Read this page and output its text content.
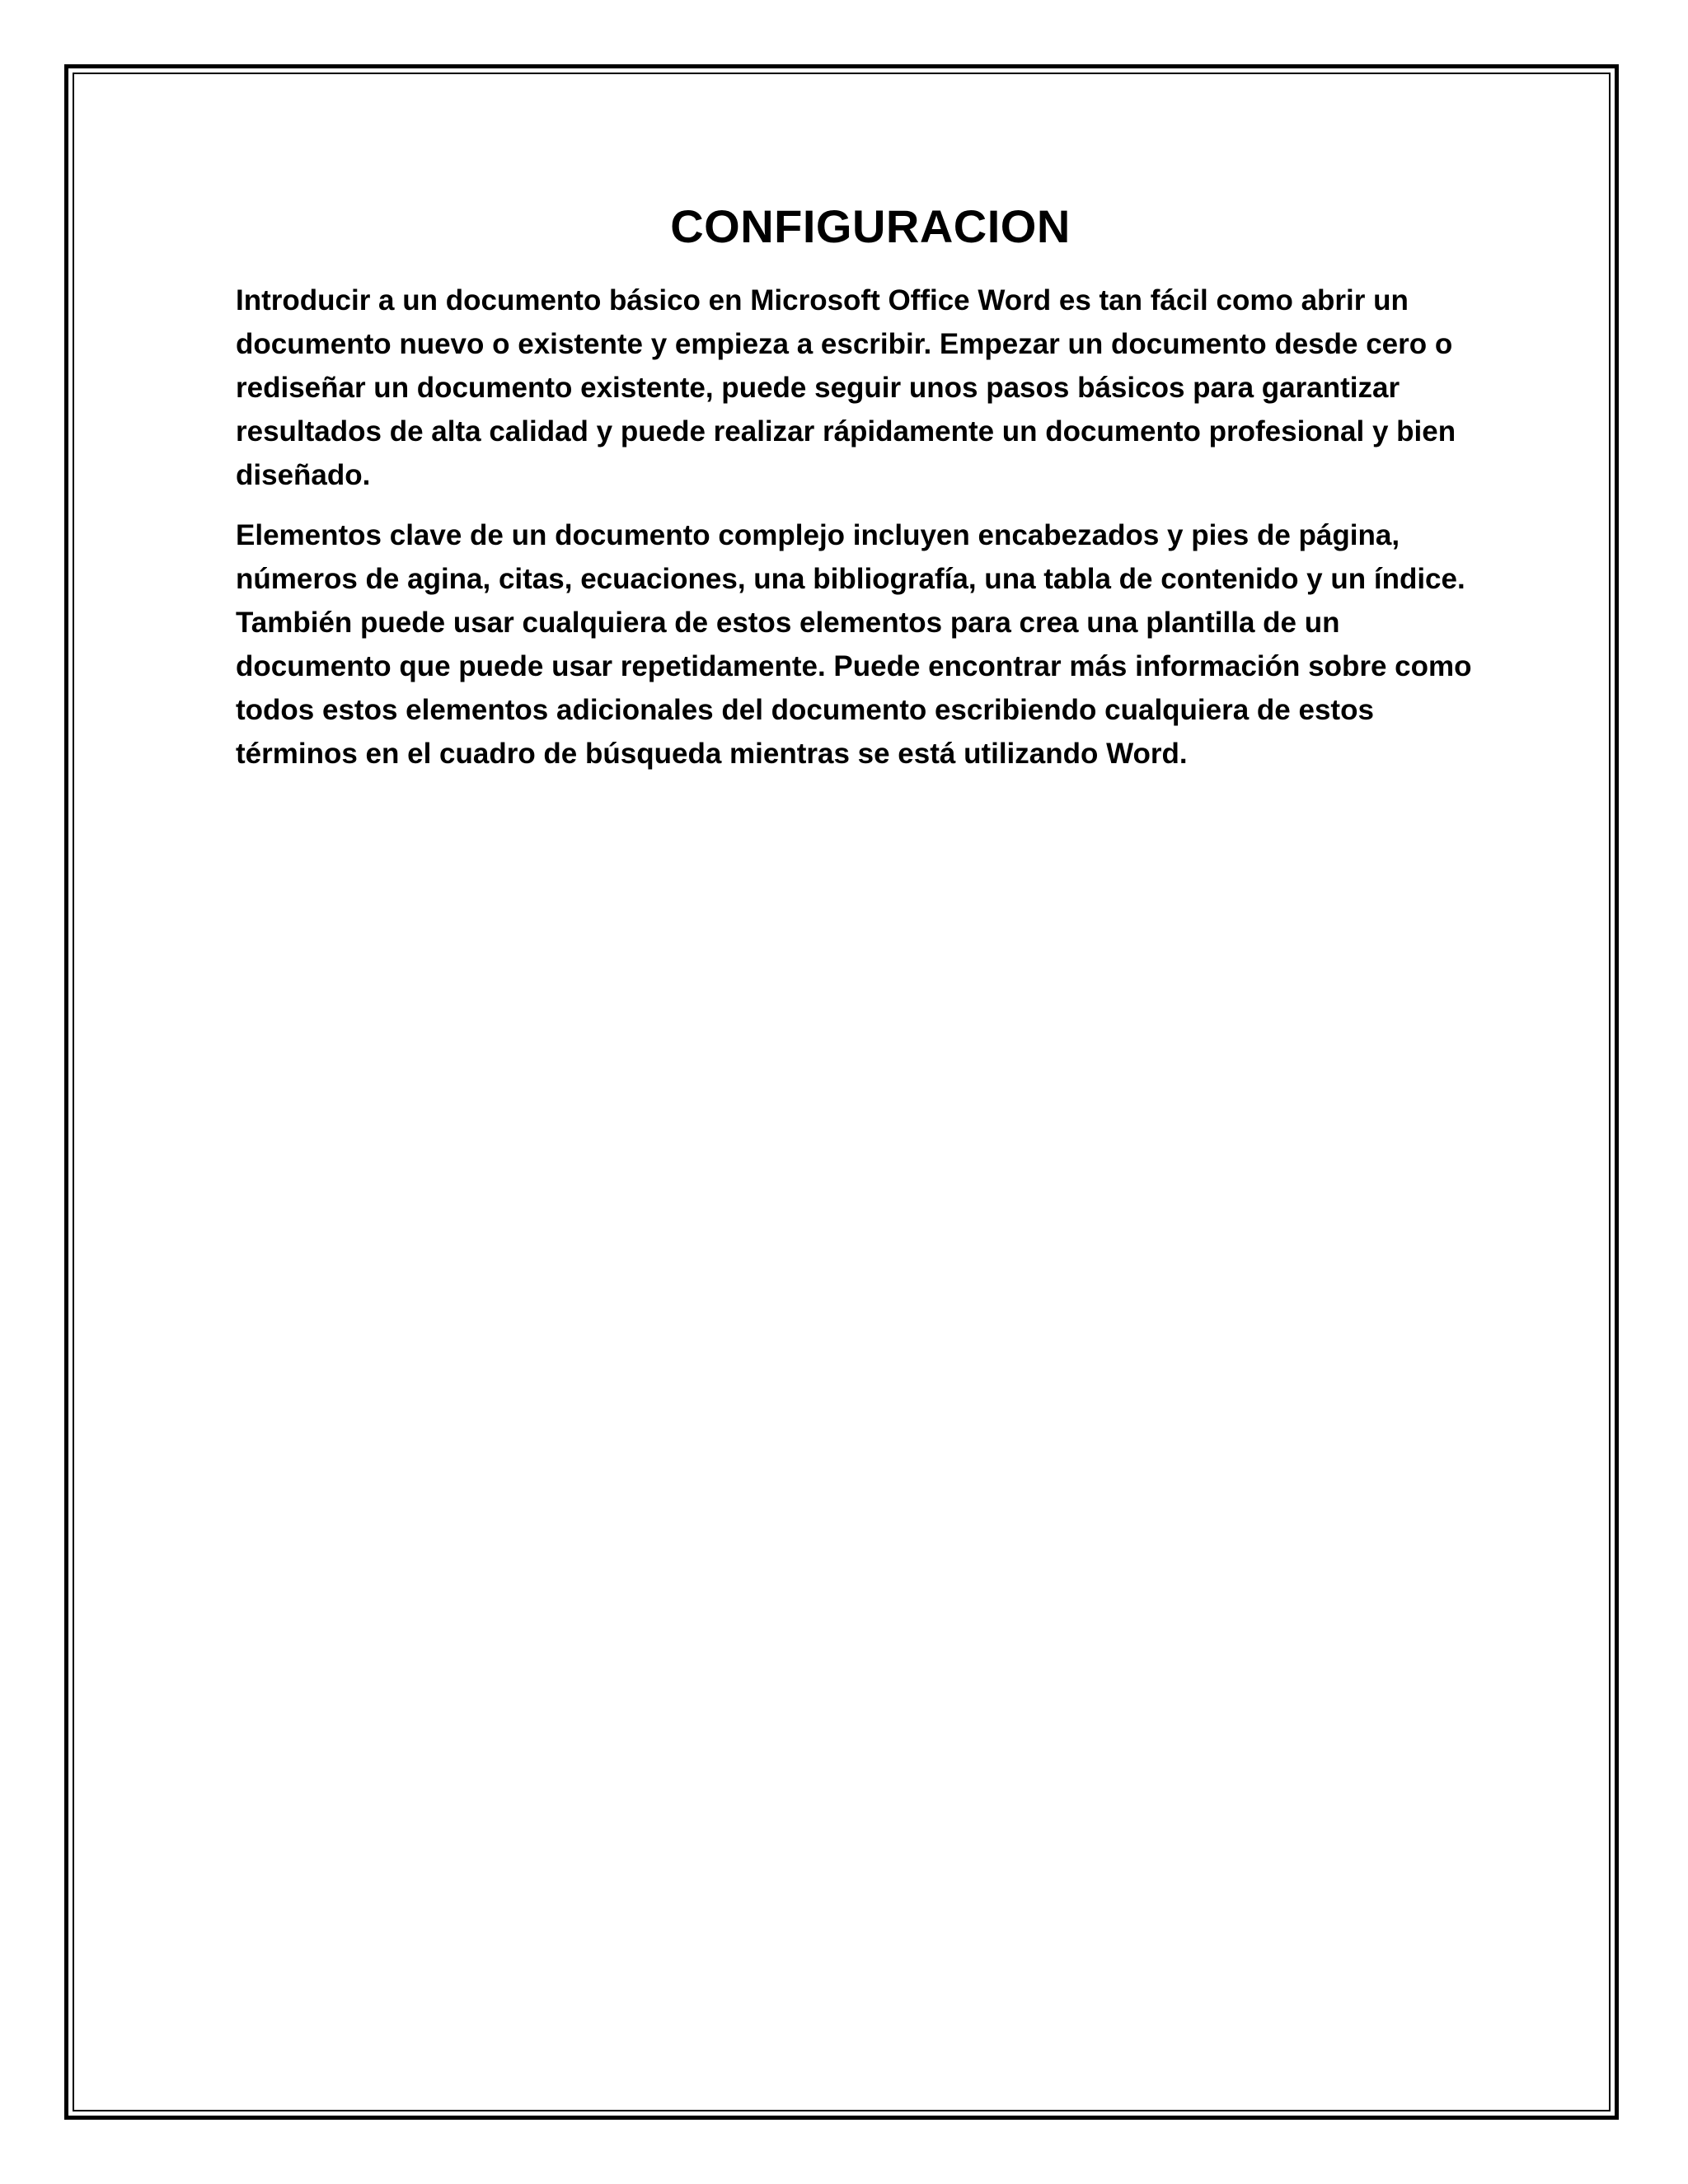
CONFIGURACION

Introducir a un documento básico en Microsoft Office Word es tan fácil como abrir un documento nuevo o existente y empieza a escribir. Empezar un documento desde cero o rediseñar un documento existente, puede seguir unos pasos básicos para garantizar resultados de alta calidad y puede realizar rápidamente un documento profesional y bien diseñado.

Elementos clave de un documento complejo incluyen encabezados y pies de página, números de agina, citas, ecuaciones, una bibliografía, una tabla de contenido y un índice. También puede usar cualquiera de estos elementos para crea una plantilla de un documento que puede usar repetidamente. Puede encontrar más información sobre como todos estos elementos adicionales del documento escribiendo cualquiera de estos términos en el cuadro de búsqueda mientras se está utilizando Word.
